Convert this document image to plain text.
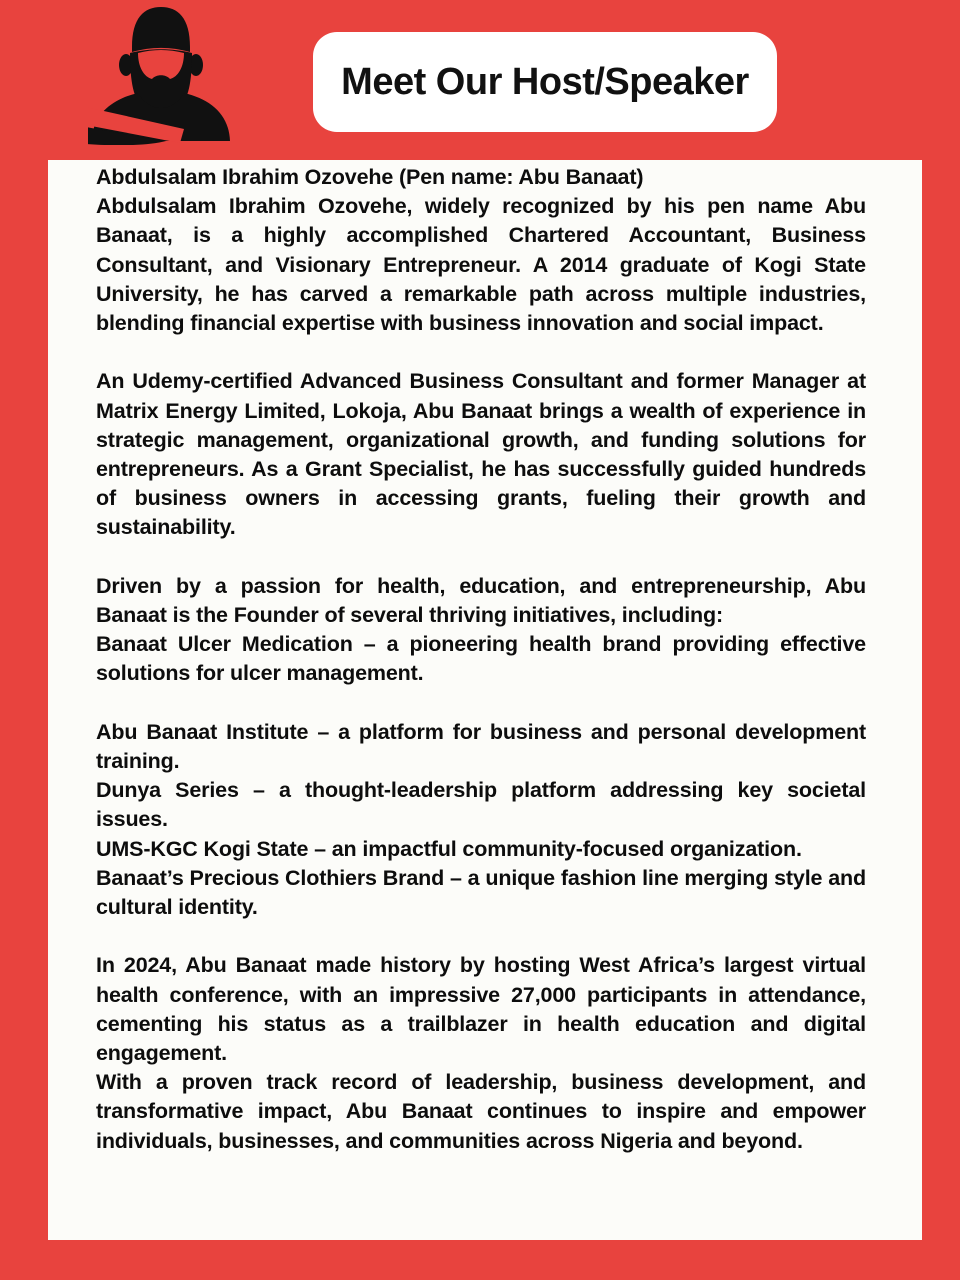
Meet Our Host/Speaker

Abdulsalam Ibrahim Ozovehe (Pen name: Abu Banaat)

Abdulsalam Ibrahim Ozovehe, widely recognized by his pen name Abu Banaat, is a highly accomplished Chartered Accountant, Business Consultant, and Visionary Entrepreneur. A 2014 graduate of Kogi State University, he has carved a remarkable path across multiple industries, blending financial expertise with business innovation and social impact.

An Udemy-certified Advanced Business Consultant and former Manager at Matrix Energy Limited, Lokoja, Abu Banaat brings a wealth of experience in strategic management, organizational growth, and funding solutions for entrepreneurs. As a Grant Specialist, he has successfully guided hundreds of business owners in accessing grants, fueling their growth and sustainability.

Driven by a passion for health, education, and entrepreneurship, Abu Banaat is the Founder of several thriving initiatives, including:

Banaat Ulcer Medication – a pioneering health brand providing effective solutions for ulcer management.

Abu Banaat Institute – a platform for business and personal development training.

Dunya Series – a thought-leadership platform addressing key societal issues.

UMS-KGC Kogi State – an impactful community-focused organization.

Banaat’s Precious Clothiers Brand – a unique fashion line merging style and cultural identity.

In 2024, Abu Banaat made history by hosting West Africa’s largest virtual health conference, with an impressive 27,000 participants in attendance, cementing his status as a trailblazer in health education and digital engagement.

With a proven track record of leadership, business development, and transformative impact, Abu Banaat continues to inspire and empower individuals, businesses, and communities across Nigeria and beyond.
